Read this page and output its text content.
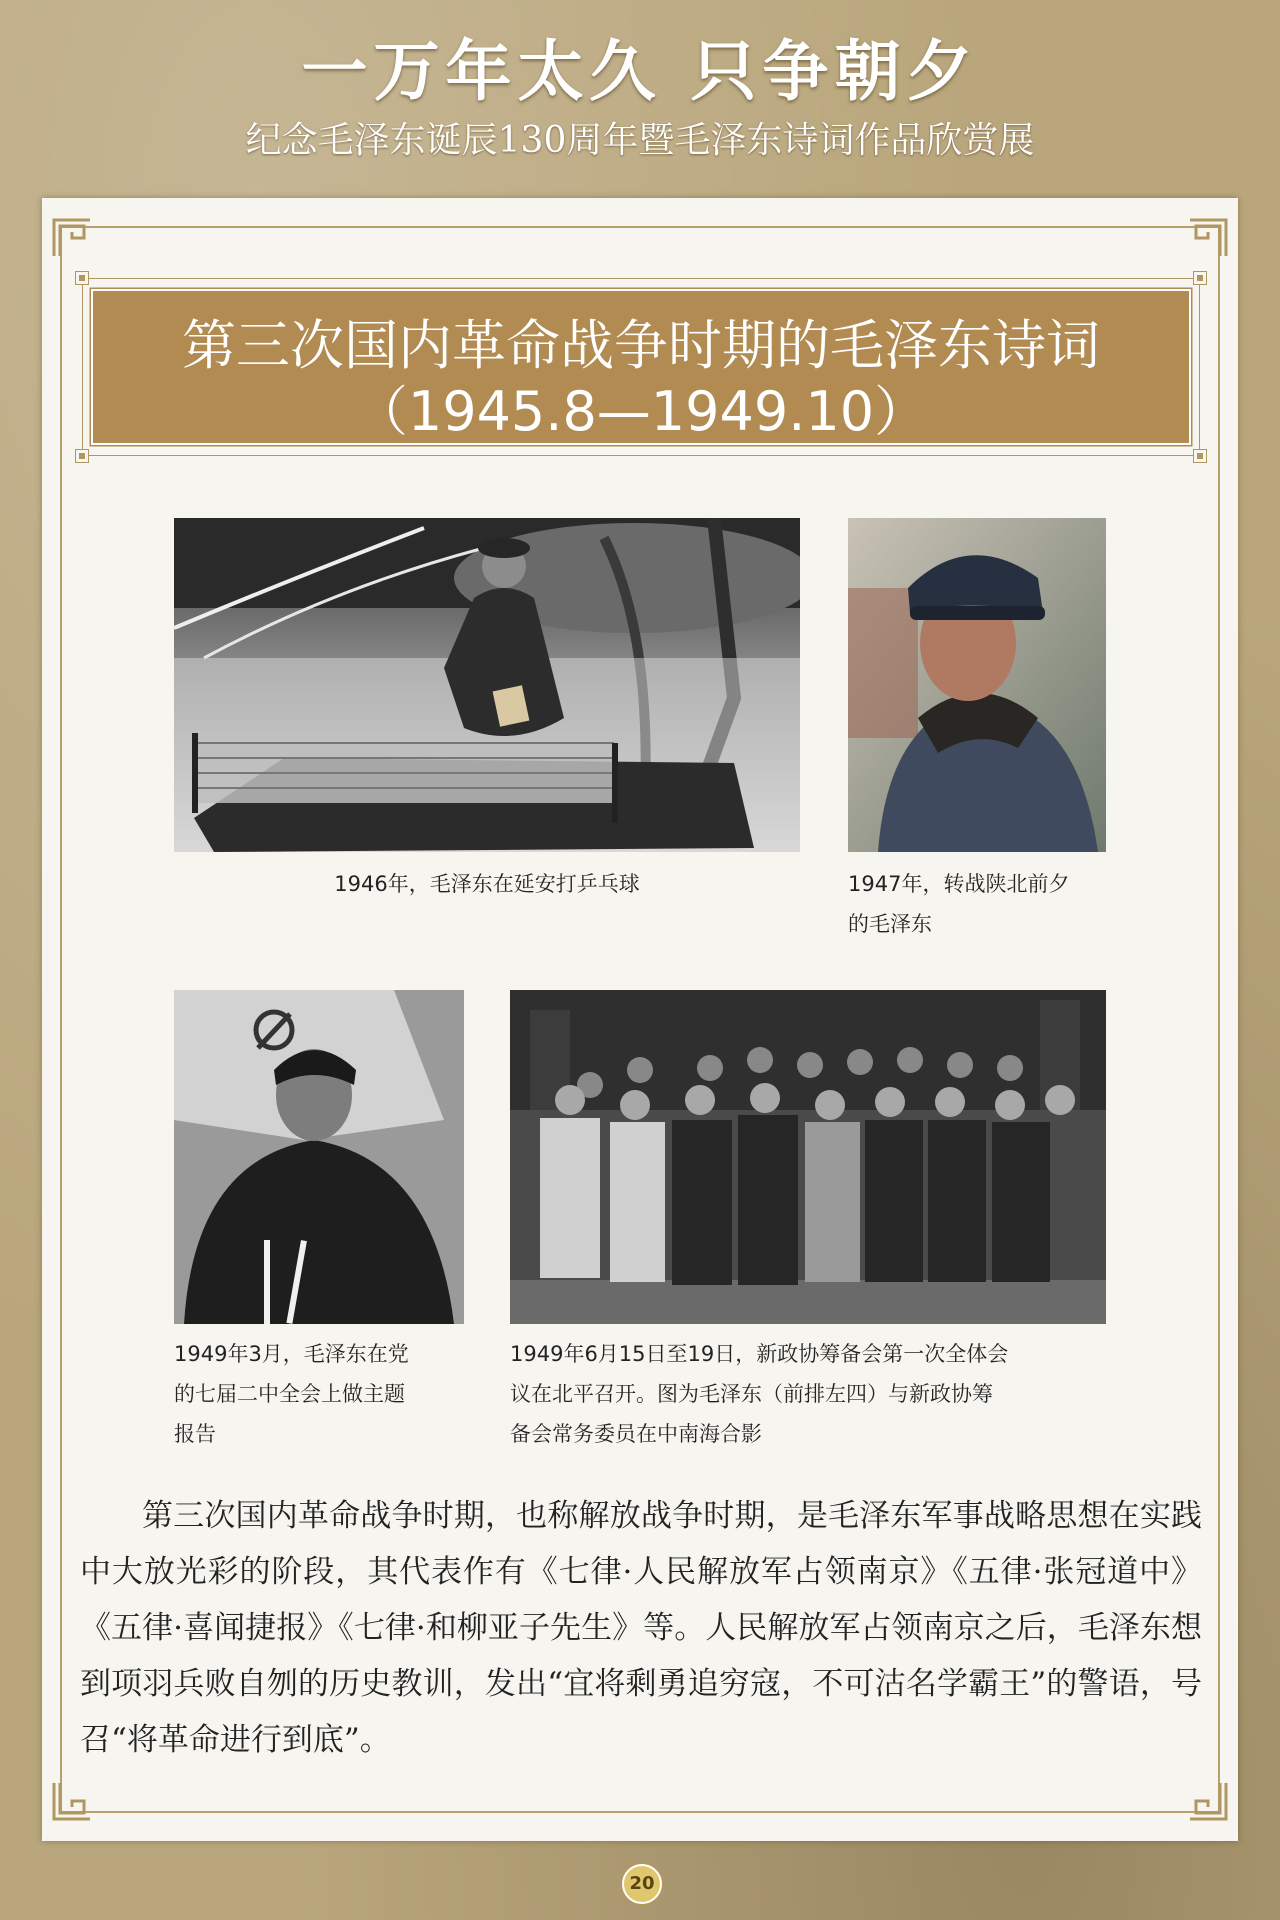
一万年太久 只争朝夕
纪念毛泽东诞辰130周年暨毛泽东诗词作品欣赏展
第三次国内革命战争时期的毛泽东诗词
（1945.8—1949.10）
1946年，毛泽东在延安打乒乓球	1947年，转战陕北前夕
的毛泽东
1949年3月，毛泽东在党
的七届二中全会上做主题
报告
1949年6月15日至19日，新政协筹备会第一次全体会
议在北平召开。图为毛泽东（前排左四）与新政协筹
备会常务委员在中南海合影
第三次国内革命战争时期，也称解放战争时期，是毛泽东军事战略思想在实践中大放光彩的阶段，其代表作有《七律·人民解放军占领南京》《五律·张冠道中》《五律·喜闻捷报》《七律·和柳亚子先生》等。人民解放军占领南京之后，毛泽东想到项羽兵败自刎的历史教训，发出“宜将剩勇追穷寇，不可沽名学霸王”的警语，号召“将革命进行到底”。
20
